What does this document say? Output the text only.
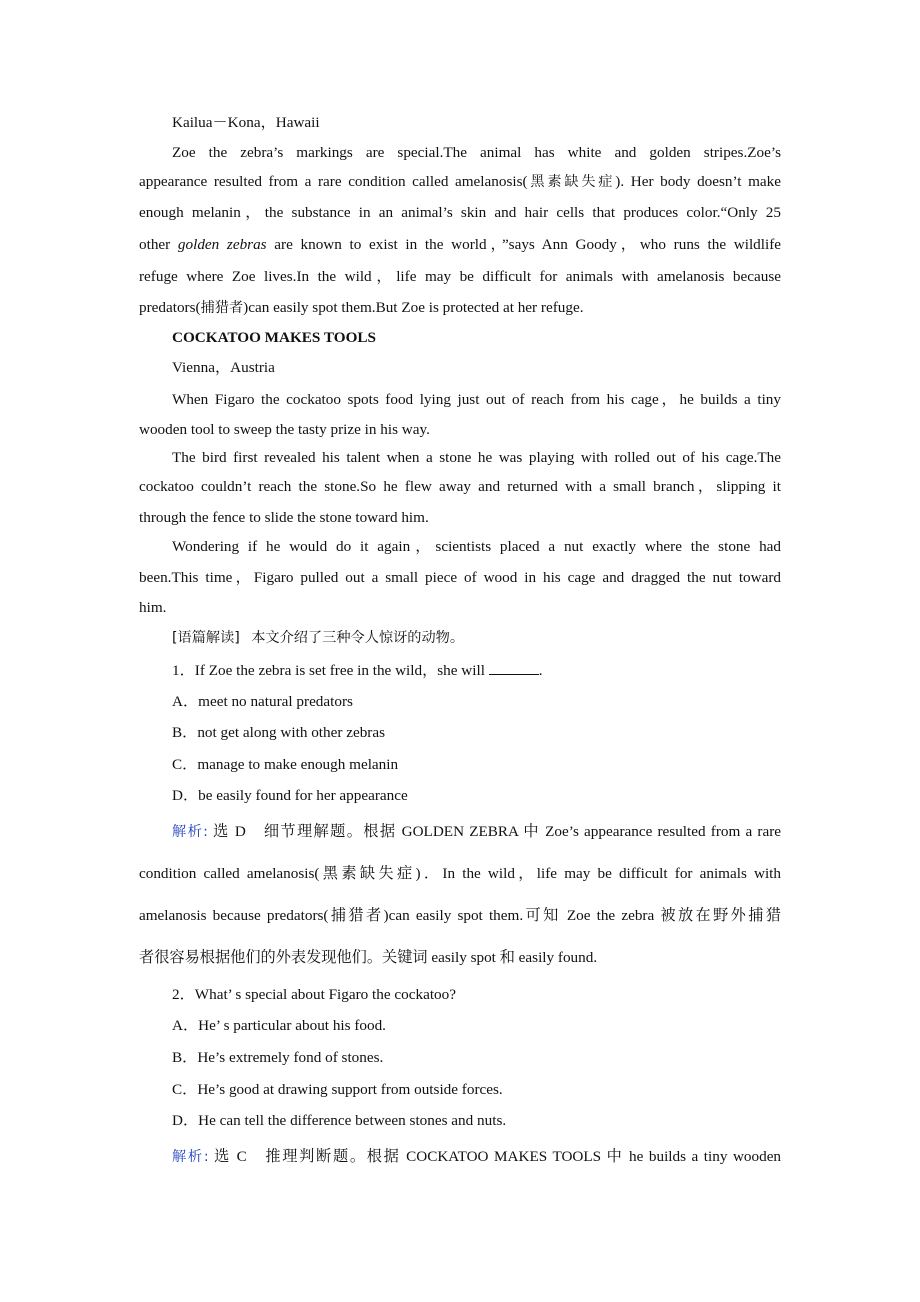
Kailua－Kona，Hawaii
Zoe the zebra’s markings are special.The animal has white and golden stripes.Zoe’s
appearance resulted from a rare condition called amelanosis(黑素缺失症). Her body doesn’t make
enough melanin，the substance in an animal’s skin and hair cells that produces color.“Only 25
other golden zebras are known to exist in the world，”says Ann Goody，who runs the wildlife
refuge where Zoe lives.In the wild，life may be difficult for animals with amelanosis because
predators(捕猎者)can easily spot them.But Zoe is protected at her refuge.
COCKATOO MAKES TOOLS
Vienna，Austria
When Figaro the cockatoo spots food lying just out of reach from his cage，he builds a tiny
wooden tool to sweep the tasty prize in his way.
The bird first revealed his talent when a stone he was playing with rolled out of his cage.The
cockatoo couldn’t reach the stone.So he flew away and returned with a small branch，slipping it
through the fence to slide the stone toward him.
Wondering if he would do it again，scientists placed a nut exactly where the stone had
been.This time，Figaro pulled out a small piece of wood in his cage and dragged the nut toward
him.
[语篇解读] 本文介绍了三种令人惊讶的动物。
1．If Zoe the zebra is set free in the wild，she will	.
A．meet no natural predators
B．not get along with other zebras
C．manage to make enough melanin
D．be easily found for her appearance
解析: 选 D　细节理解题。根据 GOLDEN ZEBRA 中 Zoe’s appearance resulted from a rare
condition called amelanosis(黑素缺失症)．In the wild，life may be difficult for animals with
amelanosis because predators(捕猎者)can easily spot them.可知 Zoe the zebra 被放在野外捕猎
者很容易根据他们的外表发现他们。关键词 easily spot 和 easily found.
2．What’ s special about Figaro the cockatoo?
A．He’ s particular about his food.
B．He’s extremely fond of stones.
C．He’s good at drawing support from outside forces.
D．He can tell the difference between stones and nuts.
解析: 选 C　推理判断题。根据 COCKATOO MAKES TOOLS 中 he builds a tiny wooden
